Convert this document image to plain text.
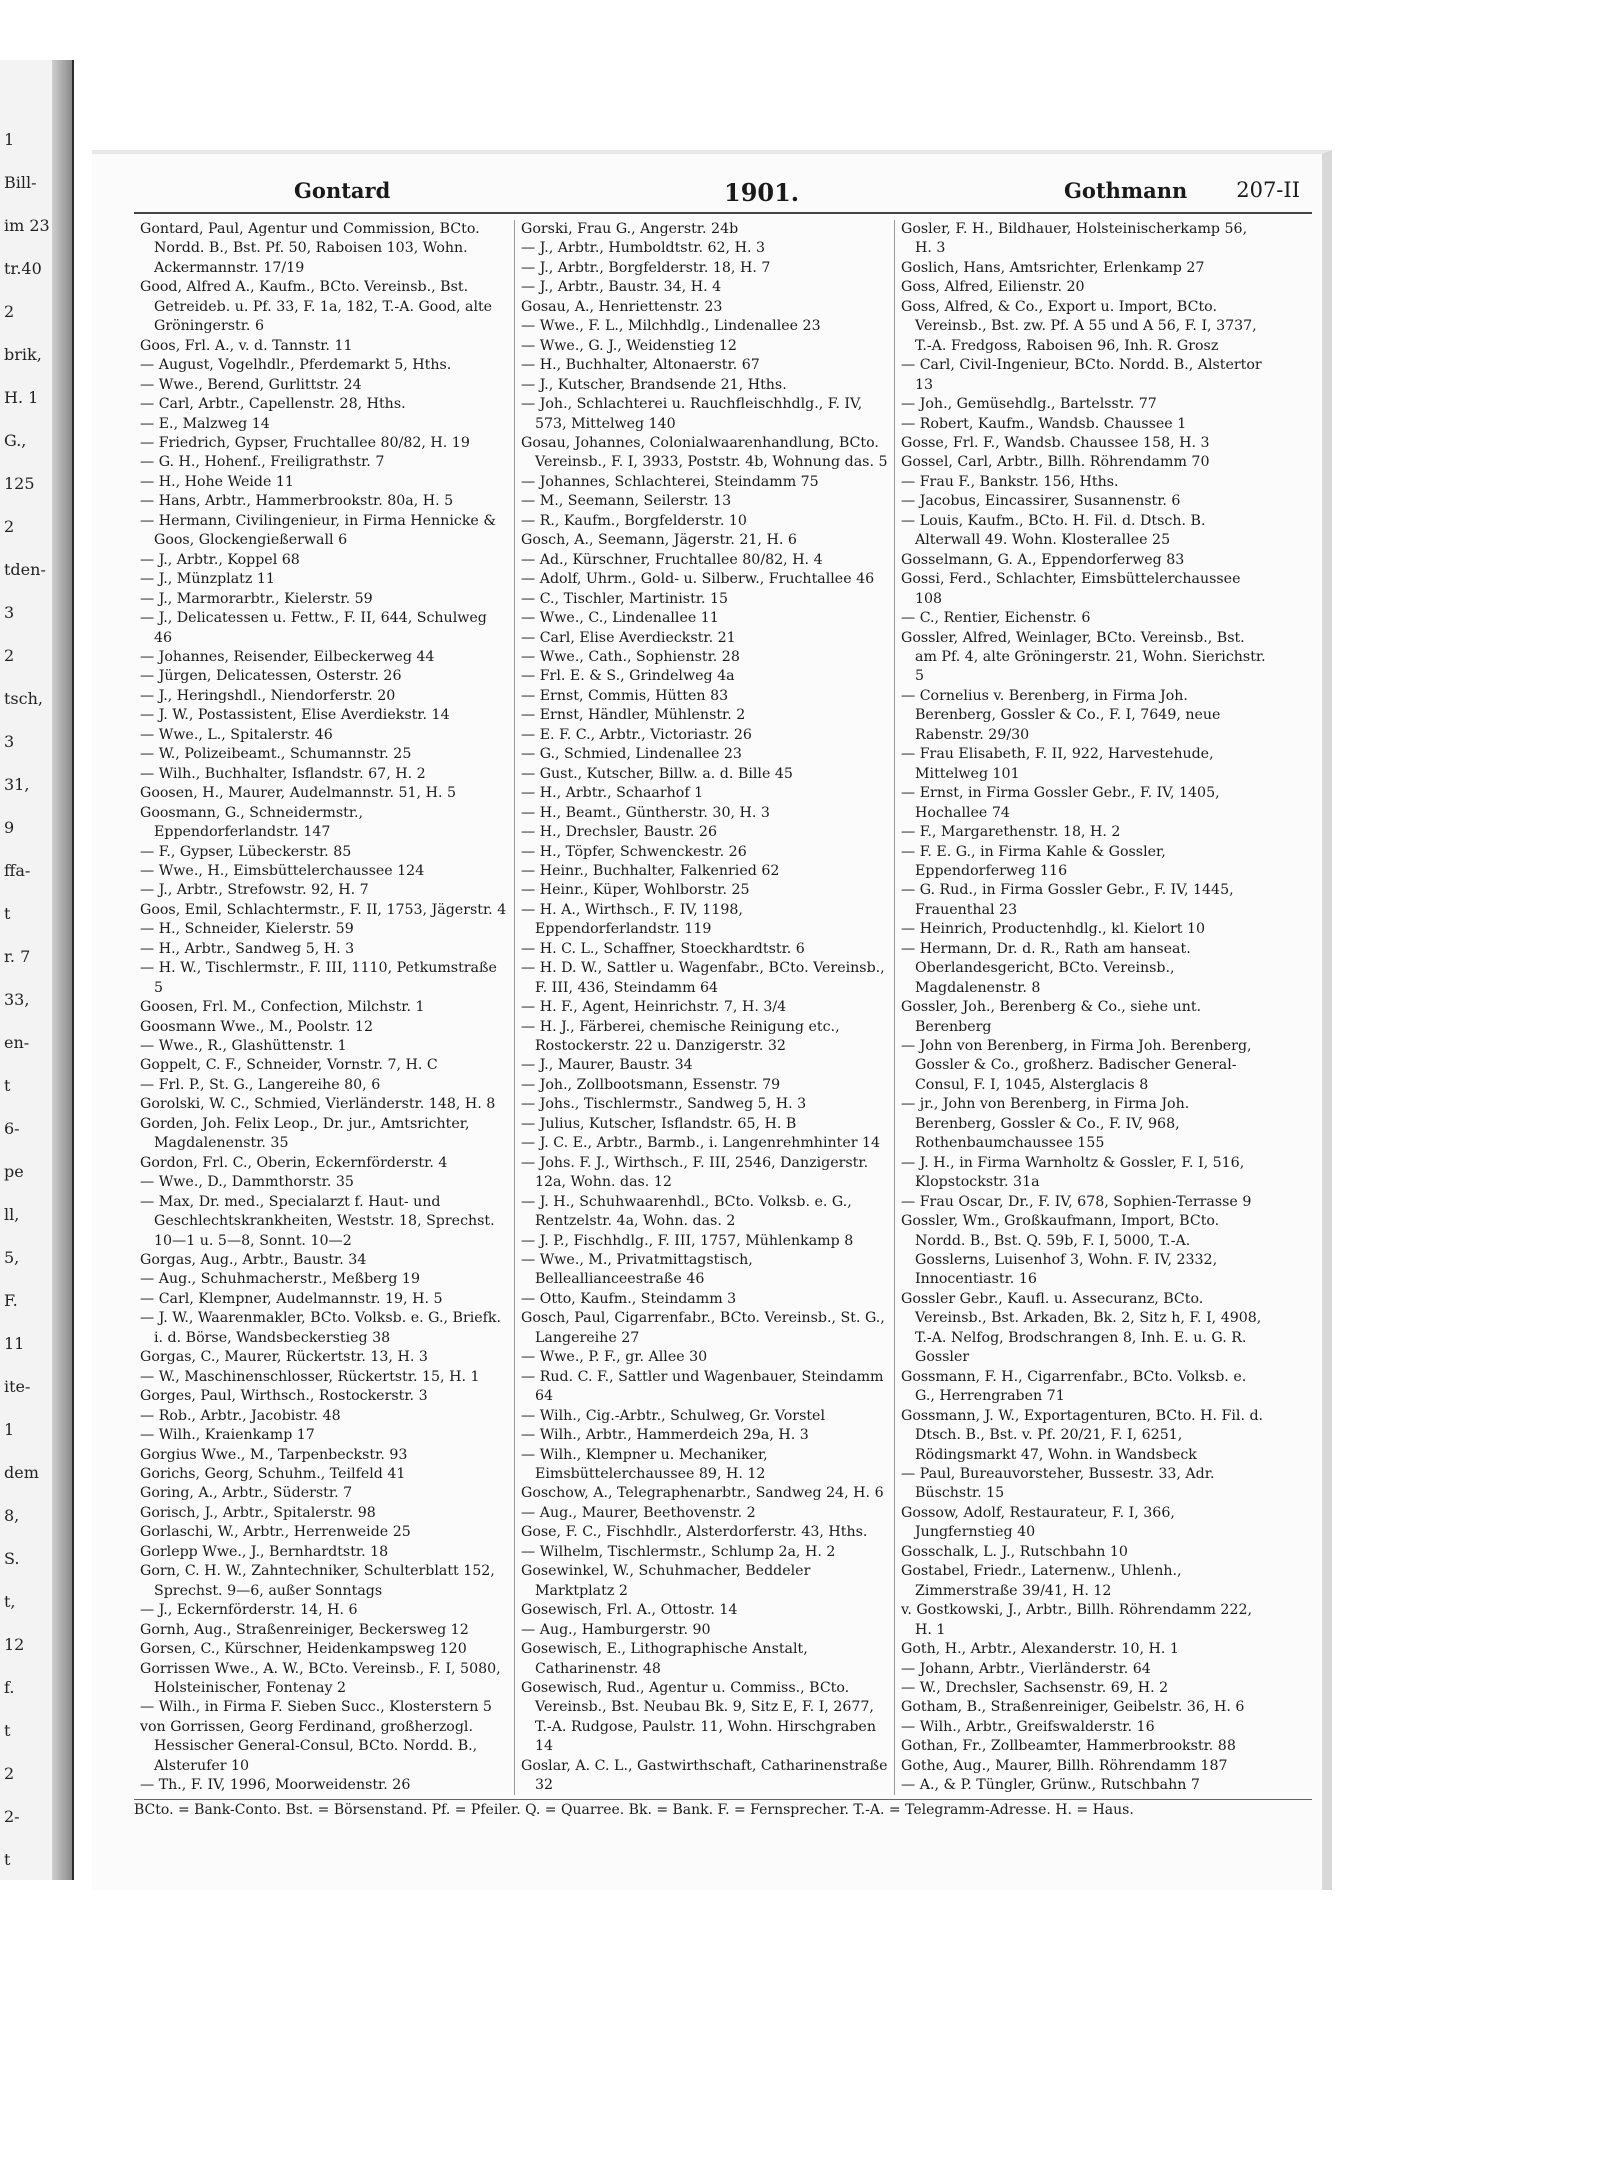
1
Bill-
im 23
tr.40
2
brik,
H. 1
G.,
125
2
tden-
3
2
tsch,
3
31,
9
ffa-
t
r. 7
33,
en-
t
6-
pe
ll,
5,
F.
11
ite-
1
dem
8,
S.
t,
12
f.
t
2
2-
t
Gontard	1901.	Gothmann 207-II

Gontard, Paul, Agentur und Commission, BCto. Nordd. B., Bst. Pf. 50, Raboisen 103, Wohn. Ackermannstr. 17/19

Good, Alfred A., Kaufm., BCto. Vereinsb., Bst. Getreideb. u. Pf. 33, F. 1a, 182, T.-A. Good, alte Gröningerstr. 6

Goos, Frl. A., v. d. Tannstr. 11

— August, Vogelhdlr., Pferdemarkt 5, Hths.

— Wwe., Berend, Gurlittstr. 24

— Carl, Arbtr., Capellenstr. 28, Hths.

— E., Malzweg 14

— Friedrich, Gypser, Fruchtallee 80/82, H. 19

— G. H., Hohenf., Freiligrathstr. 7

— H., Hohe Weide 11

— Hans, Arbtr., Hammerbrookstr. 80a, H. 5

— Hermann, Civilingenieur, in Firma Hennicke & Goos, Glockengießerwall 6

— J., Arbtr., Koppel 68

— J., Münzplatz 11

— J., Marmorarbtr., Kielerstr. 59

— J., Delicatessen u. Fettw., F. II, 644, Schulweg 46

— Johannes, Reisender, Eilbeckerweg 44

— Jürgen, Delicatessen, Osterstr. 26

— J., Heringshdl., Niendorferstr. 20

— J. W., Postassistent, Elise Averdiekstr. 14

— Wwe., L., Spitalerstr. 46

— W., Polizeibeamt., Schumannstr. 25

— Wilh., Buchhalter, Isflandstr. 67, H. 2

Goosen, H., Maurer, Audelmannstr. 51, H. 5

Goosmann, G., Schneidermstr., Eppendorferlandstr. 147

— F., Gypser, Lübeckerstr. 85

— Wwe., H., Eimsbüttelerchaussee 124

— J., Arbtr., Strefowstr. 92, H. 7

Goos, Emil, Schlachtermstr., F. II, 1753, Jägerstr. 4

— H., Schneider, Kielerstr. 59

— H., Arbtr., Sandweg 5, H. 3

— H. W., Tischlermstr., F. III, 1110, Petkumstraße 5

Goosen, Frl. M., Confection, Milchstr. 1

Goosmann Wwe., M., Poolstr. 12

— Wwe., R., Glashüttenstr. 1

Goppelt, C. F., Schneider, Vornstr. 7, H. C

— Frl. P., St. G., Langereihe 80, 6

Gorolski, W. C., Schmied, Vierländerstr. 148, H. 8

Gorden, Joh. Felix Leop., Dr. jur., Amtsrichter, Magdalenenstr. 35

Gordon, Frl. C., Oberin, Eckernförderstr. 4

— Wwe., D., Dammthorstr. 35

— Max, Dr. med., Specialarzt f. Haut- und Geschlechtskrankheiten, Weststr. 18, Sprechst. 10—1 u. 5—8, Sonnt. 10—2

Gorgas, Aug., Arbtr., Baustr. 34

— Aug., Schuhmacherstr., Meßberg 19

— Carl, Klempner, Audelmannstr. 19, H. 5

— J. W., Waarenmakler, BCto. Volksb. e. G., Briefk. i. d. Börse, Wandsbeckerstieg 38

Gorgas, C., Maurer, Rückertstr. 13, H. 3

— W., Maschinenschlosser, Rückertstr. 15, H. 1

Gorges, Paul, Wirthsch., Rostockerstr. 3

— Rob., Arbtr., Jacobistr. 48

— Wilh., Kraienkamp 17

Gorgius Wwe., M., Tarpenbeckstr. 93

Gorichs, Georg, Schuhm., Teilfeld 41

Goring, A., Arbtr., Süderstr. 7

Gorisch, J., Arbtr., Spitalerstr. 98

Gorlaschi, W., Arbtr., Herrenweide 25

Gorlepp Wwe., J., Bernhardtstr. 18

Gorn, C. H. W., Zahntechniker, Schulterblatt 152, Sprechst. 9—6, außer Sonntags

— J., Eckernförderstr. 14, H. 6

Gornh, Aug., Straßenreiniger, Beckersweg 12

Gorsen, C., Kürschner, Heidenkampsweg 120

Gorrissen Wwe., A. W., BCto. Vereinsb., F. I, 5080, Holsteinischer, Fontenay 2

— Wilh., in Firma F. Sieben Succ., Klosterstern 5

von Gorrissen, Georg Ferdinand, großherzogl. Hessischer General-Consul, BCto. Nordd. B., Alsterufer 10

— Th., F. IV, 1996, Moorweidenstr. 26

Gorski, Frau G., Angerstr. 24b

— J., Arbtr., Humboldtstr. 62, H. 3

— J., Arbtr., Borgfelderstr. 18, H. 7

— J., Arbtr., Baustr. 34, H. 4

Gosau, A., Henriettenstr. 23

— Wwe., F. L., Milchhdlg., Lindenallee 23

— Wwe., G. J., Weidenstieg 12

— H., Buchhalter, Altonaerstr. 67

— J., Kutscher, Brandsende 21, Hths.

— Joh., Schlachterei u. Rauchfleischhdlg., F. IV, 573, Mittelweg 140

Gosau, Johannes, Colonialwaarenhandlung, BCto. Vereinsb., F. I, 3933, Poststr. 4b, Wohnung das. 5

— Johannes, Schlachterei, Steindamm 75

— M., Seemann, Seilerstr. 13

— R., Kaufm., Borgfelderstr. 10

Gosch, A., Seemann, Jägerstr. 21, H. 6

— Ad., Kürschner, Fruchtallee 80/82, H. 4

— Adolf, Uhrm., Gold- u. Silberw., Fruchtallee 46

— C., Tischler, Martinistr. 15

— Wwe., C., Lindenallee 11

— Carl, Elise Averdieckstr. 21

— Wwe., Cath., Sophienstr. 28

— Frl. E. & S., Grindelweg 4a

— Ernst, Commis, Hütten 83

— Ernst, Händler, Mühlenstr. 2

— E. F. C., Arbtr., Victoriastr. 26

— G., Schmied, Lindenallee 23

— Gust., Kutscher, Billw. a. d. Bille 45

— H., Arbtr., Schaarhof 1

— H., Beamt., Güntherstr. 30, H. 3

— H., Drechsler, Baustr. 26

— H., Töpfer, Schwenckestr. 26

— Heinr., Buchhalter, Falkenried 62

— Heinr., Küper, Wohlborstr. 25

— H. A., Wirthsch., F. IV, 1198, Eppendorferlandstr. 119

— H. C. L., Schaffner, Stoeckhardtstr. 6

— H. D. W., Sattler u. Wagenfabr., BCto. Vereinsb., F. III, 436, Steindamm 64

— H. F., Agent, Heinrichstr. 7, H. 3/4

— H. J., Färberei, chemische Reinigung etc., Rostockerstr. 22 u. Danzigerstr. 32

— J., Maurer, Baustr. 34

— Joh., Zollbootsmann, Essenstr. 79

— Johs., Tischlermstr., Sandweg 5, H. 3

— Julius, Kutscher, Isflandstr. 65, H. B

— J. C. E., Arbtr., Barmb., i. Langenrehmhinter 14

— Johs. F. J., Wirthsch., F. III, 2546, Danzigerstr. 12a, Wohn. das. 12

— J. H., Schuhwaarenhdl., BCto. Volksb. e. G., Rentzelstr. 4a, Wohn. das. 2

— J. P., Fischhdlg., F. III, 1757, Mühlenkamp 8

— Wwe., M., Privatmittagstisch, Belleallianceestraße 46

— Otto, Kaufm., Steindamm 3

Gosch, Paul, Cigarrenfabr., BCto. Vereinsb., St. G., Langereihe 27

— Wwe., P. F., gr. Allee 30

— Rud. C. F., Sattler und Wagenbauer, Steindamm 64

— Wilh., Cig.-Arbtr., Schulweg, Gr. Vorstel

— Wilh., Arbtr., Hammerdeich 29a, H. 3

— Wilh., Klempner u. Mechaniker, Eimsbüttelerchaussee 89, H. 12

Goschow, A., Telegraphenarbtr., Sandweg 24, H. 6

— Aug., Maurer, Beethovenstr. 2

Gose, F. C., Fischhdlr., Alsterdorferstr. 43, Hths.

— Wilhelm, Tischlermstr., Schlump 2a, H. 2

Gosewinkel, W., Schuhmacher, Beddeler Marktplatz 2

Gosewisch, Frl. A., Ottostr. 14

— Aug., Hamburgerstr. 90

Gosewisch, E., Lithographische Anstalt, Catharinenstr. 48

Gosewisch, Rud., Agentur u. Commiss., BCto. Vereinsb., Bst. Neubau Bk. 9, Sitz E, F. I, 2677, T.-A. Rudgose, Paulstr. 11, Wohn. Hirschgraben 14

Goslar, A. C. L., Gastwirthschaft, Catharinenstraße 32

Gosler, F. H., Bildhauer, Holsteinischerkamp 56, H. 3

Goslich, Hans, Amtsrichter, Erlenkamp 27

Goss, Alfred, Eilienstr. 20

Goss, Alfred, & Co., Export u. Import, BCto. Vereinsb., Bst. zw. Pf. A 55 und A 56, F. I, 3737, T.-A. Fredgoss, Raboisen 96, Inh. R. Grosz

— Carl, Civil-Ingenieur, BCto. Nordd. B., Alstertor 13

— Joh., Gemüsehdlg., Bartelsstr. 77

— Robert, Kaufm., Wandsb. Chaussee 1

Gosse, Frl. F., Wandsb. Chaussee 158, H. 3

Gossel, Carl, Arbtr., Billh. Röhrendamm 70

— Frau F., Bankstr. 156, Hths.

— Jacobus, Eincassirer, Susannenstr. 6

— Louis, Kaufm., BCto. H. Fil. d. Dtsch. B. Alterwall 49. Wohn. Klosterallee 25

Gosselmann, G. A., Eppendorferweg 83

Gossi, Ferd., Schlachter, Eimsbüttelerchaussee 108

— C., Rentier, Eichenstr. 6

Gossler, Alfred, Weinlager, BCto. Vereinsb., Bst. am Pf. 4, alte Gröningerstr. 21, Wohn. Sierichstr. 5

— Cornelius v. Berenberg, in Firma Joh. Berenberg, Gossler & Co., F. I, 7649, neue Rabenstr. 29/30

— Frau Elisabeth, F. II, 922, Harvestehude, Mittelweg 101

— Ernst, in Firma Gossler Gebr., F. IV, 1405, Hochallee 74

— F., Margarethenstr. 18, H. 2

— F. E. G., in Firma Kahle & Gossler, Eppendorferweg 116

— G. Rud., in Firma Gossler Gebr., F. IV, 1445, Frauenthal 23

— Heinrich, Productenhdlg., kl. Kielort 10

— Hermann, Dr. d. R., Rath am hanseat. Oberlandesgericht, BCto. Vereinsb., Magdalenenstr. 8

Gossler, Joh., Berenberg & Co., siehe unt. Berenberg

— John von Berenberg, in Firma Joh. Berenberg, Gossler & Co., großherz. Badischer General-Consul, F. I, 1045, Alsterglacis 8

— jr., John von Berenberg, in Firma Joh. Berenberg, Gossler & Co., F. IV, 968, Rothenbaumchaussee 155

— J. H., in Firma Warnholtz & Gossler, F. I, 516, Klopstockstr. 31a

— Frau Oscar, Dr., F. IV, 678, Sophien-Terrasse 9

Gossler, Wm., Großkaufmann, Import, BCto. Nordd. B., Bst. Q. 59b, F. I, 5000, T.-A. Gosslerns, Luisenhof 3, Wohn. F. IV, 2332, Innocentiastr. 16

Gossler Gebr., Kaufl. u. Assecuranz, BCto. Vereinsb., Bst. Arkaden, Bk. 2, Sitz h, F. I, 4908, T.-A. Nelfog, Brodschrangen 8, Inh. E. u. G. R. Gossler

Gossmann, F. H., Cigarrenfabr., BCto. Volksb. e. G., Herrengraben 71

Gossmann, J. W., Exportagenturen, BCto. H. Fil. d. Dtsch. B., Bst. v. Pf. 20/21, F. I, 6251, Rödingsmarkt 47, Wohn. in Wandsbeck

— Paul, Bureauvorsteher, Bussestr. 33, Adr. Büschstr. 15

Gossow, Adolf, Restaurateur, F. I, 366, Jungfernstieg 40

Gosschalk, L. J., Rutschbahn 10

Gostabel, Friedr., Laternenw., Uhlenh., Zimmerstraße 39/41, H. 12

v. Gostkowski, J., Arbtr., Billh. Röhrendamm 222, H. 1

Goth, H., Arbtr., Alexanderstr. 10, H. 1

— Johann, Arbtr., Vierländerstr. 64

— W., Drechsler, Sachsenstr. 69, H. 2

Gotham, B., Straßenreiniger, Geibelstr. 36, H. 6

— Wilh., Arbtr., Greifswalderstr. 16

Gothan, Fr., Zollbeamter, Hammerbrookstr. 88

Gothe, Aug., Maurer, Billh. Röhrendamm 187

— A., & P. Tüngler, Grünw., Rutschbahn 7

BCto. = Bank-Conto. Bst. = Börsenstand. Pf. = Pfeiler. Q. = Quarree. Bk. = Bank. F. = Fernsprecher. T.-A. = Telegramm-Adresse. H. = Haus.
